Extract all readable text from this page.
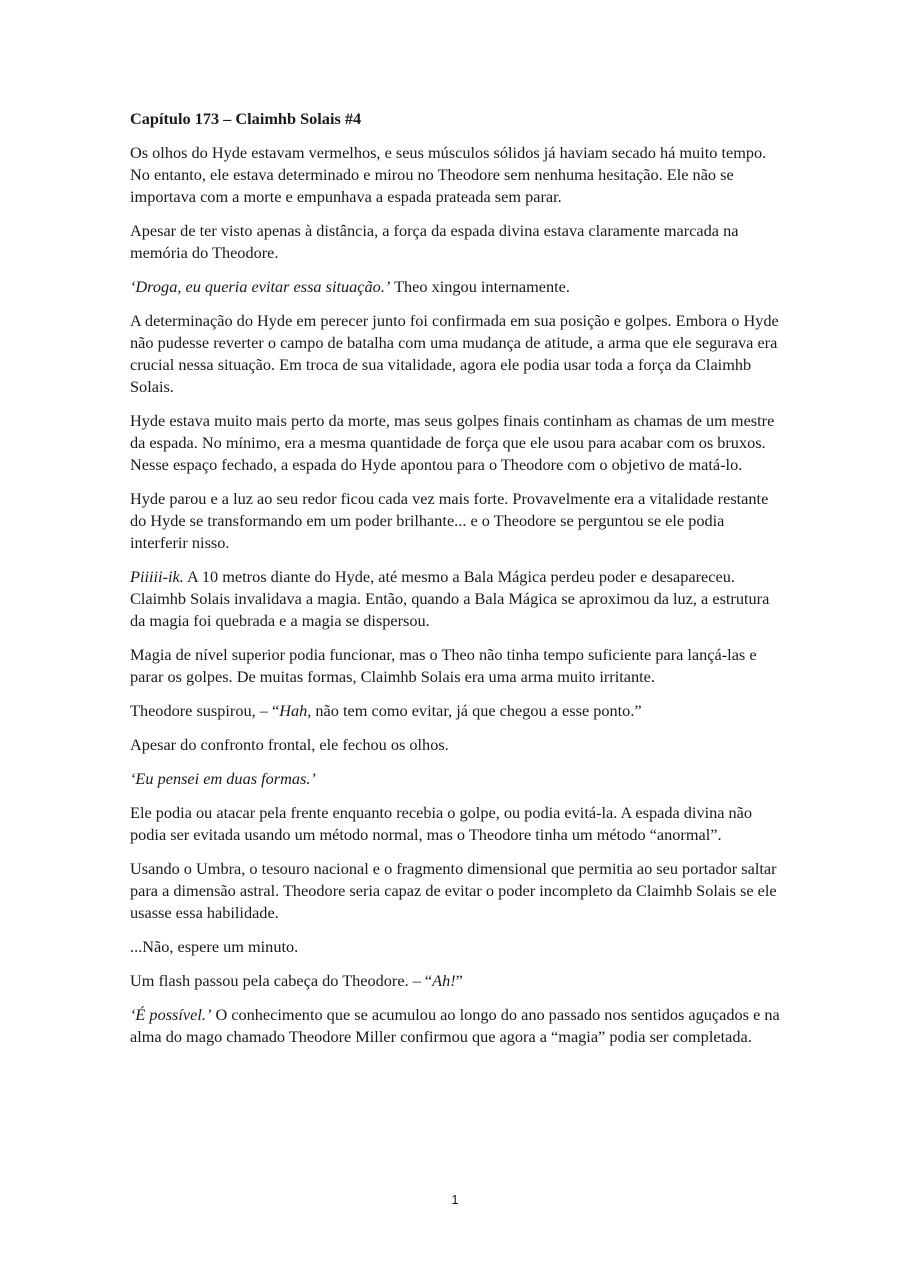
Capítulo 173 – Claimhb Solais #4

Os olhos do Hyde estavam vermelhos, e seus músculos sólidos já haviam secado há muito tempo. No entanto, ele estava determinado e mirou no Theodore sem nenhuma hesitação. Ele não se importava com a morte e empunhava a espada prateada sem parar.

Apesar de ter visto apenas à distância, a força da espada divina estava claramente marcada na memória do Theodore.

‘Droga, eu queria evitar essa situação.’ Theo xingou internamente.

A determinação do Hyde em perecer junto foi confirmada em sua posição e golpes. Embora o Hyde não pudesse reverter o campo de batalha com uma mudança de atitude, a arma que ele segurava era crucial nessa situação. Em troca de sua vitalidade, agora ele podia usar toda a força da Claimhb Solais.

Hyde estava muito mais perto da morte, mas seus golpes finais continham as chamas de um mestre da espada. No mínimo, era a mesma quantidade de força que ele usou para acabar com os bruxos. Nesse espaço fechado, a espada do Hyde apontou para o Theodore com o objetivo de matá-lo.

Hyde parou e a luz ao seu redor ficou cada vez mais forte. Provavelmente era a vitalidade restante do Hyde se transformando em um poder brilhante... e o Theodore se perguntou se ele podia interferir nisso.

Piiiii-ik. A 10 metros diante do Hyde, até mesmo a Bala Mágica perdeu poder e desapareceu. Claimhb Solais invalidava a magia. Então, quando a Bala Mágica se aproximou da luz, a estrutura da magia foi quebrada e a magia se dispersou.

Magia de nível superior podia funcionar, mas o Theo não tinha tempo suficiente para lançá-las e parar os golpes. De muitas formas, Claimhb Solais era uma arma muito irritante.

Theodore suspirou, – “Hah, não tem como evitar, já que chegou a esse ponto.”

Apesar do confronto frontal, ele fechou os olhos.

‘Eu pensei em duas formas.’

Ele podia ou atacar pela frente enquanto recebia o golpe, ou podia evitá-la. A espada divina não podia ser evitada usando um método normal, mas o Theodore tinha um método “anormal”.

Usando o Umbra, o tesouro nacional e o fragmento dimensional que permitia ao seu portador saltar para a dimensão astral. Theodore seria capaz de evitar o poder incompleto da Claimhb Solais se ele usasse essa habilidade.

...Não, espere um minuto.

Um flash passou pela cabeça do Theodore. – “Ah!”

‘É possível.’ O conhecimento que se acumulou ao longo do ano passado nos sentidos aguçados e na alma do mago chamado Theodore Miller confirmou que agora a “magia” podia ser completada.

1
